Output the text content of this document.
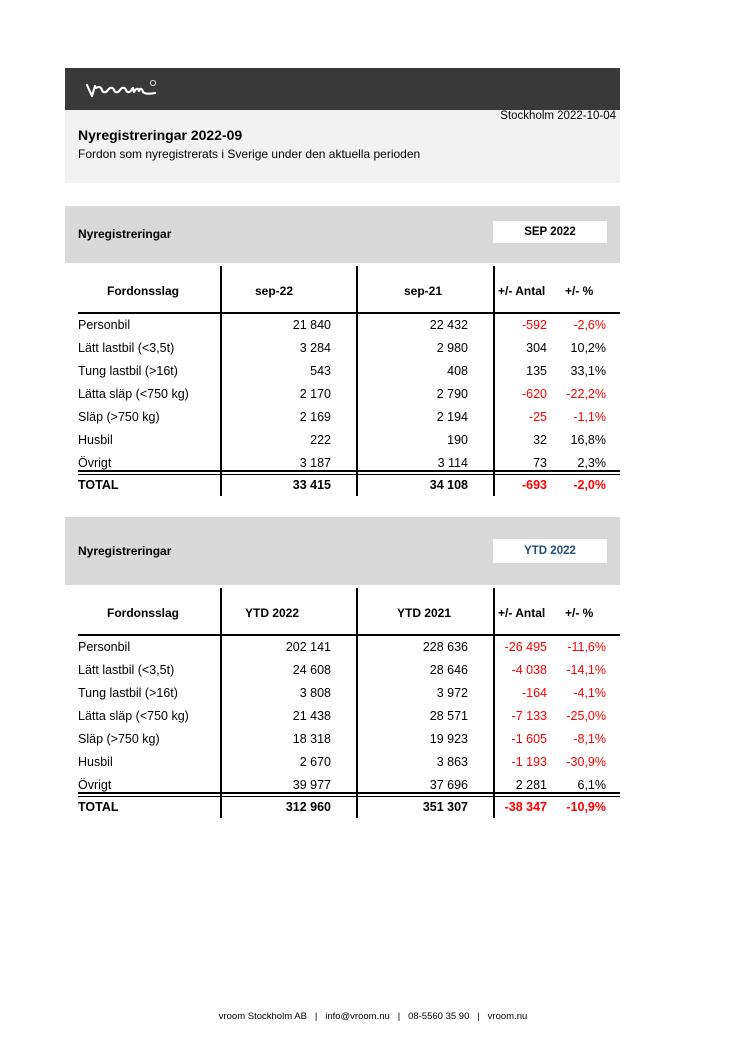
Stockholm 2022-10-04
Nyregistreringar 2022-09
Fordon som nyregistrerats i Sverige under den aktuella perioden
Nyregistreringar	SEP 2022
Fordonsslag	sep-22	sep-21	+/- Antal +/- %
Personbil	21 840	22 432	-592 -2,6%
Lätt lastbil (<3,5t)	3 284	2 980	304 10,2%
Tung lastbil (>16t)	543	408	135 33,1%
Lätta släp (<750 kg)	2 170	2 790	-620 -22,2%
Släp (>750 kg)	2 169	2 194	-25 -1,1%
Husbil	222	190	32 16,8%
Övrigt	3 187	3 114	73 2,3%
TOTAL	33 415	34 108	-693 -2,0%
Nyregistreringar	YTD 2022
Fordonsslag	YTD 2022	YTD 2021	+/- Antal +/- %
Personbil	202 141	228 636	-26 495 -11,6%
Lätt lastbil (<3,5t)	24 608	28 646	-4 038 -14,1%
Tung lastbil (>16t)	3 808	3 972	-164 -4,1%
Lätta släp (<750 kg)	21 438	28 571	-7 133 -25,0%
Släp (>750 kg)	18 318	19 923	-1 605 -8,1%
Husbil	2 670	3 863	-1 193 -30,9%
Övrigt	39 977	37 696	2 281 6,1%
TOTAL	312 960	351 307	-38 347 -10,9%
vroom Stockholm AB   |   info@vroom.nu   |   08-5560 35 90   |   vroom.nu
